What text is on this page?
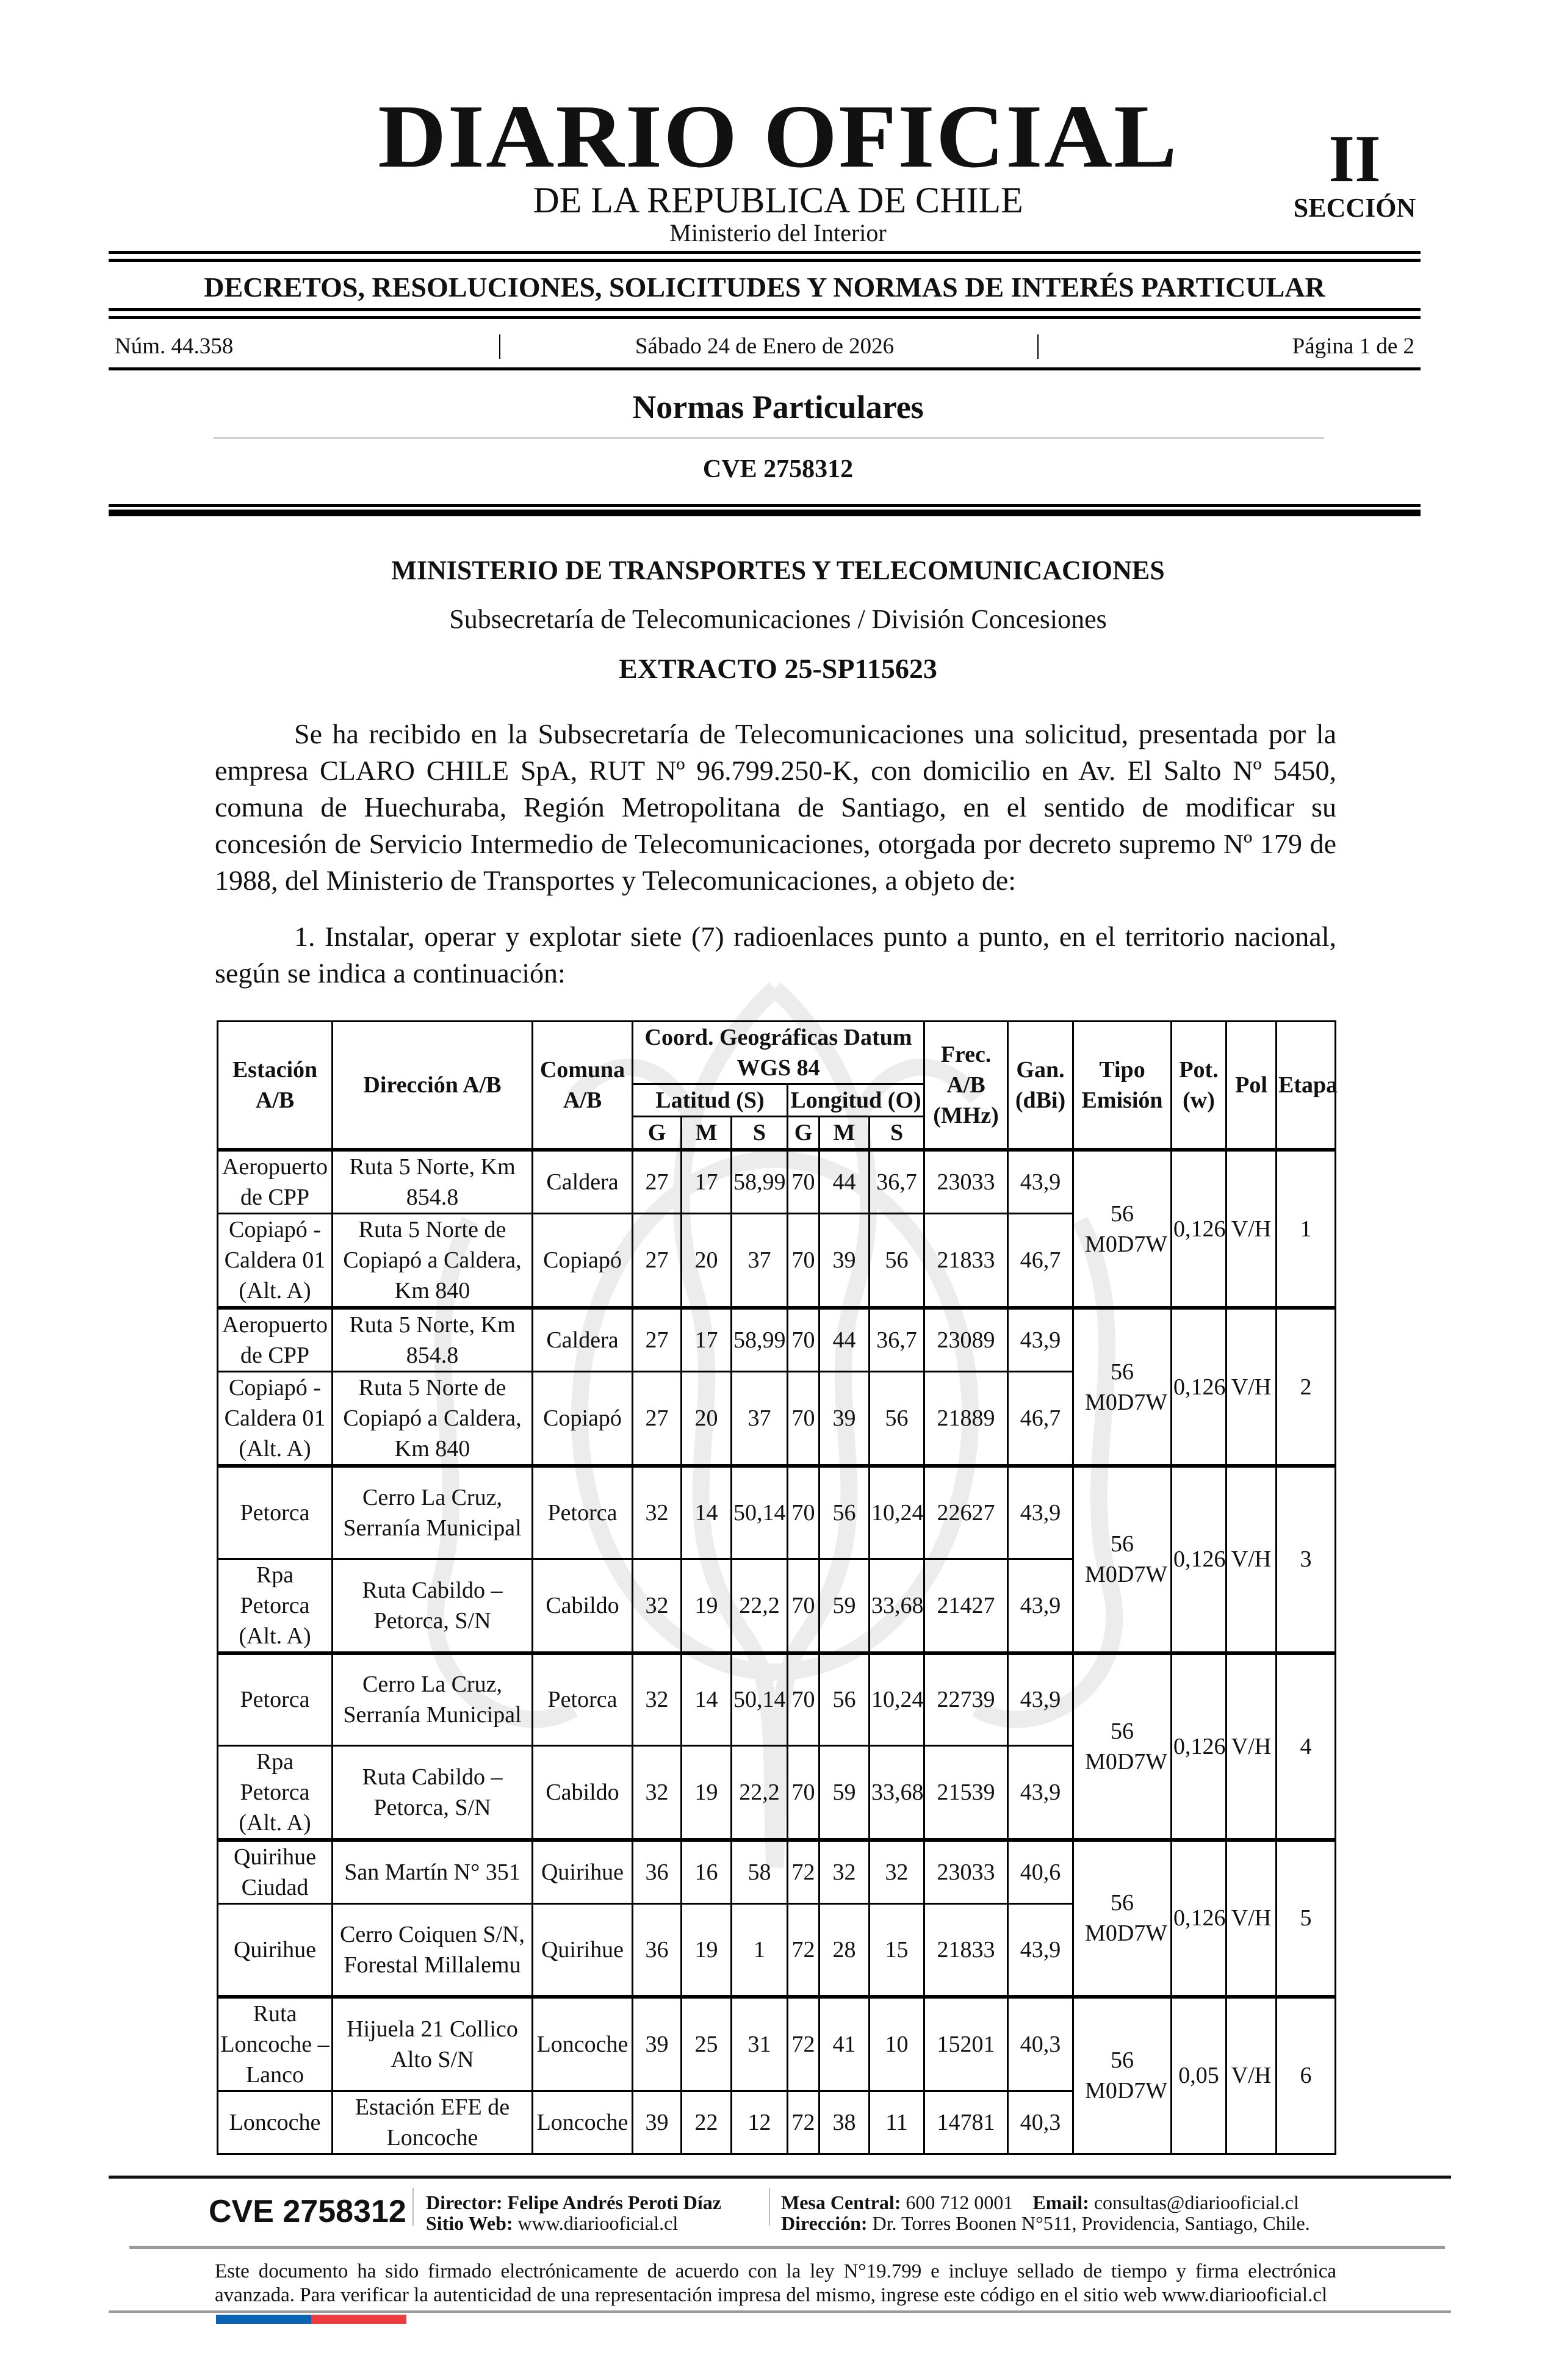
DIARIO OFICIAL
DE LA REPUBLICA DE CHILE
Ministerio del Interior
II
SECCIÓN
DECRETOS, RESOLUCIONES, SOLICITUDES Y NORMAS DE INTERÉS PARTICULAR
Núm. 44.358	Sábado 24 de Enero de 2026	Página 1 de 2
Normas Particulares
CVE 2758312
MINISTERIO DE TRANSPORTES Y TELECOMUNICACIONES
Subsecretaría de Telecomunicaciones / División Concesiones
EXTRACTO 25-SP115623

Se ha recibido en la Subsecretaría de Telecomunicaciones una solicitud, presentada por la empresa CLARO CHILE SpA, RUT Nº 96.799.250-K, con domicilio en Av. El Salto Nº 5450, comuna de Huechuraba, Región Metropolitana de Santiago, en el sentido de modificar su concesión de Servicio Intermedio de Telecomunicaciones, otorgada por decreto supremo Nº 179 de 1988, del Ministerio de Transportes y Telecomunicaciones, a objeto de:

1. Instalar, operar y explotar siete (7) radioenlaces punto a punto, en el territorio nacional, según se indica a continuación:

Estación A/B	Dirección A/B	Comuna A/B	Coord. Geográficas Datum WGS 84						Frec. A/B (MHz)	Gan. (dBi)	Tipo Emisión	Pot. (w)	Pol	Etapa
			Latitud (S)			Longitud (O)								
			G	M	S	G	M	S						
Aeropuerto de CPP	Ruta 5 Norte, Km 854.8	Caldera	27	17	58,99	70	44	36,7	23033	43,9	56 M0D7W	0,126	V/H	1
Copiapó - Caldera 01 (Alt. A)	Ruta 5 Norte de Copiapó a Caldera, Km 840	Copiapó	27	20	37	70	39	56	21833	46,7				
Aeropuerto de CPP	Ruta 5 Norte, Km 854.8	Caldera	27	17	58,99	70	44	36,7	23089	43,9	56 M0D7W	0,126	V/H	2
Copiapó - Caldera 01 (Alt. A)	Ruta 5 Norte de Copiapó a Caldera, Km 840	Copiapó	27	20	37	70	39	56	21889	46,7				
Petorca	Cerro La Cruz, Serranía Municipal	Petorca	32	14	50,14	70	56	10,24	22627	43,9	56 M0D7W	0,126	V/H	3
Rpa Petorca (Alt. A)	Ruta Cabildo – Petorca, S/N	Cabildo	32	19	22,2	70	59	33,68	21427	43,9				
Petorca	Cerro La Cruz, Serranía Municipal	Petorca	32	14	50,14	70	56	10,24	22739	43,9	56 M0D7W	0,126	V/H	4
Rpa Petorca (Alt. A)	Ruta Cabildo – Petorca, S/N	Cabildo	32	19	22,2	70	59	33,68	21539	43,9				
Quirihue Ciudad	San Martín N° 351	Quirihue	36	16	58	72	32	32	23033	40,6	56 M0D7W	0,126	V/H	5
Quirihue	Cerro Coiquen S/N, Forestal Millalemu	Quirihue	36	19	1	72	28	15	21833	43,9				
Ruta Loncoche – Lanco	Hijuela 21 Collico Alto S/N	Loncoche	39	25	31	72	41	10	15201	40,3	56 M0D7W	0,05	V/H	6
Loncoche	Estación EFE de Loncoche	Loncoche	39	22	12	72	38	11	14781	40,3				
CVE 2758312 Director: Felipe Andrés Peroti Díaz
Sitio Web: www.diariooficial.cl
Mesa Central: 600 712 0001 Email: consultas@diariooficial.cl
Dirección: Dr. Torres Boonen N°511, Providencia, Santiago, Chile.
Este documento ha sido firmado electrónicamente de acuerdo con la ley N°19.799 e incluye sellado de tiempo y firma electrónica avanzada. Para verificar la autenticidad de una representación impresa del mismo, ingrese este código en el sitio web www.diariooficial.cl
